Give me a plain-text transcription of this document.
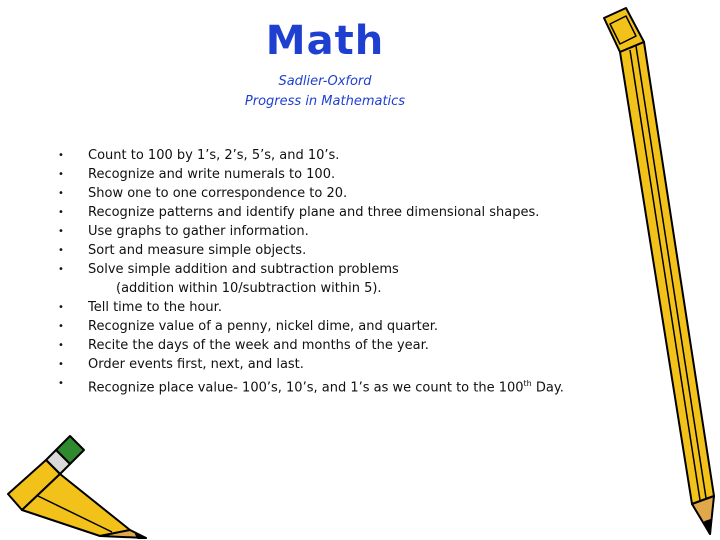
Math
Sadlier-Oxford
Progress in Mathematics
• Count to 100 by 1’s, 2’s, 5’s, and 10’s.
• Recognize and write numerals to 100.
• Show one to one correspondence to 20.
• Recognize patterns and identify plane and three dimensional shapes.
• Use graphs to gather information.
• Sort and measure simple objects.
• Solve simple addition and subtraction problems
(addition within 10/subtraction within 5).
• Tell time to the hour.
• Recognize value of a penny, nickel dime, and quarter.
• Recite the days of the week and months of the year.
• Order events first, next, and last.
• Recognize place value- 100’s, 10’s, and 1’s as we count to the 100th Day.
